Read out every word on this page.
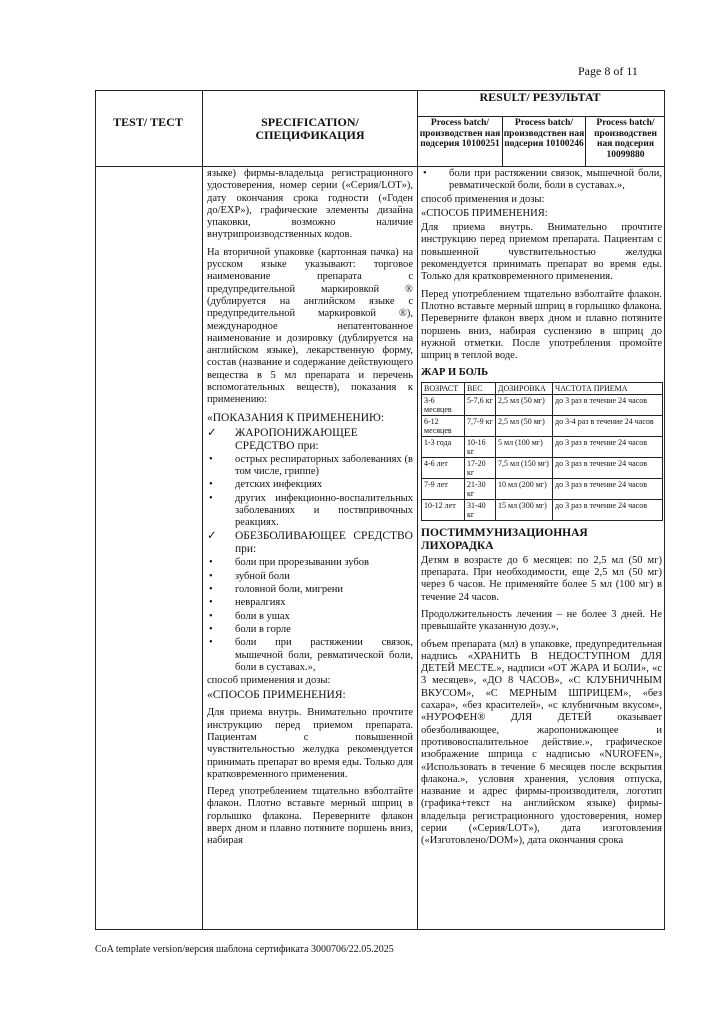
Page 8 of 11
TEST/ ТЕСТ	SPECIFICATION/ СПЕЦИФИКАЦИЯ
RESULT/ РЕЗУЛЬТАТ
Process batch/ производствен ная подсерия 10100251
Process batch/ производствен ная подсерия 10100246
Process batch/ производствен ная подсерия 10099880

языке) фирмы-владельца регистрационного удостоверения, номер серии («Серия/LOT»), дату окончания срока годности («Годен до/EXP»), графические элементы дизайна упаковки, возможно наличие внутрипроизводственных кодов.

На вторичной упаковке (картонная пачка) на русском языке указывают: торговое наименование препарата с предупредительной маркировкой ® (дублируется на английском языке с предупредительной маркировкой ®), международное непатентованное наименование и дозировку (дублируется на английском языке), лекарственную форму, состав (название и содержание действующего вещества в 5 мл препарата и перечень вспомогательных веществ), показания к применению:

«ПОКАЗАНИЯ К ПРИМЕНЕНИЮ:

✓ ЖАРОПОНИЖАЮЩЕЕ СРЕДСТВО при:
• острых респираторных заболеваниях (в том числе, гриппе)
• детских инфекциях
• других инфекционно-воспалительных заболеваниях и поствпривочных реакциях.
✓ ОБЕЗБОЛИВАЮЩЕЕ СРЕДСТВО при:
• боли при прорезывании зубов
• зубной боли
• головной боли, мигрени
• невралгиях
• боли в ушах
• боли в горле
• боли при растяжении связок, мышечной боли, ревматической боли, боли в суставах.»,

способ применения и дозы:

«СПОСОБ ПРИМЕНЕНИЯ:

Для приема внутрь. Внимательно прочтите инструкцию перед приемом препарата. Пациентам с повышенной чувствительностью желудка рекомендуется принимать препарат во время еды. Только для кратковременного применения.

Перед употреблением тщательно взболтайте флакон. Плотно вставьте мерный шприц в горлышко флакона. Переверните флакон вверх дном и плавно потяните поршень вниз, набирая

• боли при растяжении связок, мышечной боли, ревматической боли, боли в суставах.»,

способ применения и дозы:

«СПОСОБ ПРИМЕНЕНИЯ:

Для приема внутрь. Внимательно прочтите инструкцию перед приемом препарата. Пациентам с повышенной чувствительностью желудка рекомендуется принимать препарат во время еды. Только для кратковременного применения.

Перед употреблением тщательно взболтайте флакон. Плотно вставьте мерный шприц в горлышко флакона. Переверните флакон вверх дном и плавно потяните поршень вниз, набирая суспензию в шприц до нужной отметки. После употребления промойте шприц в теплой воде.

ЖАР И БОЛЬ

ВОЗРАСТ	ВЕС	ДОЗИРОВКА	ЧАСТОТА ПРИЕМА
3-6 месяцев	5-7,6 кг	2,5 мл (50 мг)	до 3 раз в течение 24 часов
6-12 месяцев	7,7-9 кг	2,5 мл (50 мг)	до 3-4 раз в течение 24 часов
1-3 года	10-16 кг	5 мл (100 мг)	до 3 раз в течение 24 часов
4-6 лет	17-20 кг	7,5 мл (150 мг)	до 3 раз в течение 24 часов
7-9 лет	21-30 кг	10 мл (200 мг)	до 3 раз в течение 24 часов
10-12 лет	31-40 кг	15 мл (300 мг)	до 3 раз в течение 24 часов

ПОСТИММУНИЗАЦИОННАЯ ЛИХОРАДКА

Детям в возрасте до 6 месяцев: по 2,5 мл (50 мг) препарата. При необходимости, еще 2,5 мл (50 мг) через 6 часов. Не применяйте более 5 мл (100 мг) в течение 24 часов.

Продолжительность лечения – не более 3 дней. Не превышайте указанную дозу.»,

объем препарата (мл) в упаковке, предупредительная надпись «ХРАНИТЬ В НЕДОСТУПНОМ ДЛЯ ДЕТЕЙ МЕСТЕ.», надписи «ОТ ЖАРА И БОЛИ», «с 3 месяцев», «ДО 8 ЧАСОВ», «С КЛУБНИЧНЫМ ВКУСОМ», «С МЕРНЫМ ШПРИЦЕМ», «без сахара», «без красителей», «с клубничным вкусом», «НУРОФЕН® ДЛЯ ДЕТЕЙ оказывает обезболивающее, жаропонижающее и противовоспалительное действие.», графическое изображение шприца с надписью «NUROFEN», «Использовать в течение 6 месяцев после вскрытия флакона.», условия хранения, условия отпуска, название и адрес фирмы-производителя, логотип (графика+текст на английском языке) фирмы-владельца регистрационного удостоверения, номер серии («Серия/LOT»), дата изготовления («Изготовлено/DOM»), дата окончания срока

CoA template version/версия шаблона сертификата 3000706/22.05.2025
